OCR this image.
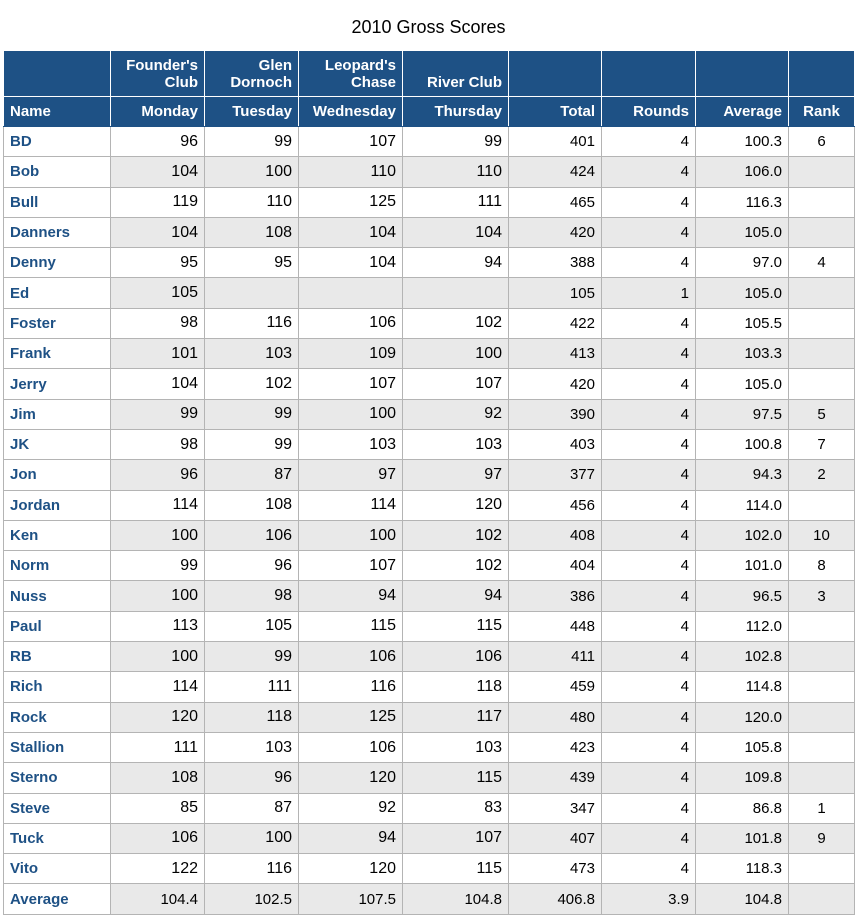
2010 Gross Scores
	Founder's Club	Glen Dornoch	Leopard's Chase	River Club				
Name	Monday	Tuesday	Wednesday	Thursday	Total	Rounds	Average	Rank
BD	96	99	107	99	401	4	100.3	6
Bob	104	100	110	110	424	4	106.0	
Bull	119	110	125	111	465	4	116.3	
Danners	104	108	104	104	420	4	105.0	
Denny	95	95	104	94	388	4	97.0	4
Ed	105				105	1	105.0	
Foster	98	116	106	102	422	4	105.5	
Frank	101	103	109	100	413	4	103.3	
Jerry	104	102	107	107	420	4	105.0	
Jim	99	99	100	92	390	4	97.5	5
JK	98	99	103	103	403	4	100.8	7
Jon	96	87	97	97	377	4	94.3	2
Jordan	114	108	114	120	456	4	114.0	
Ken	100	106	100	102	408	4	102.0	10
Norm	99	96	107	102	404	4	101.0	8
Nuss	100	98	94	94	386	4	96.5	3
Paul	113	105	115	115	448	4	112.0	
RB	100	99	106	106	411	4	102.8	
Rich	114	111	116	118	459	4	114.8	
Rock	120	118	125	117	480	4	120.0	
Stallion	111	103	106	103	423	4	105.8	
Sterno	108	96	120	115	439	4	109.8	
Steve	85	87	92	83	347	4	86.8	1
Tuck	106	100	94	107	407	4	101.8	9
Vito	122	116	120	115	473	4	118.3	
Average	104.4	102.5	107.5	104.8	406.8	3.9	104.8	
